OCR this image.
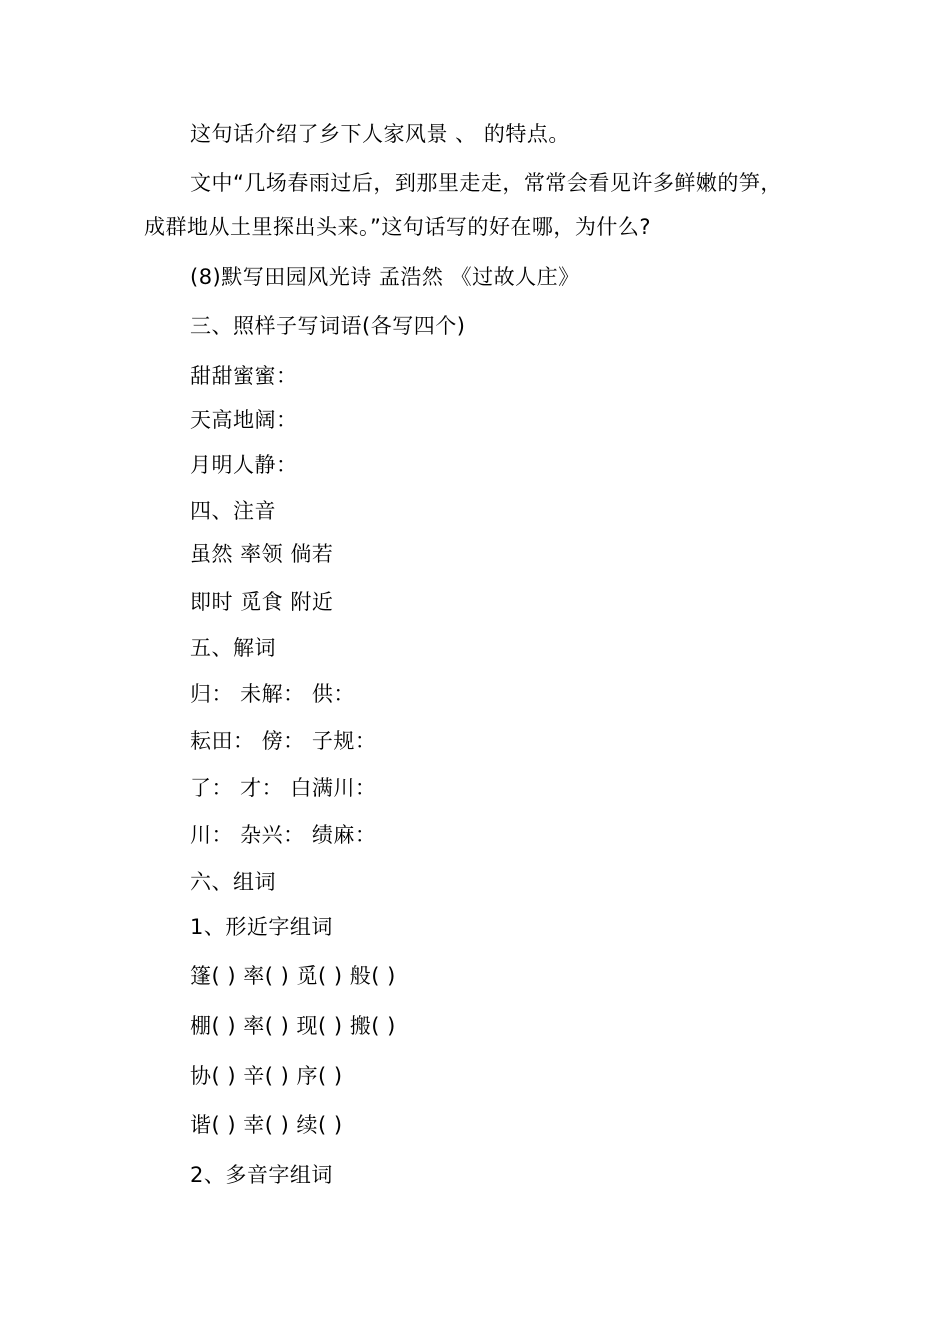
这句话介绍了乡下人家风景 、 的特点。
文中“几场春雨过后，到那里走走，常常会看见许多鲜嫩的笋，
成群地从土里探出头来。”这句话写的好在哪，为什么?
(8)默写田园风光诗 孟浩然 《过故人庄》
三、照样子写词语(各写四个)
甜甜蜜蜜：
天高地阔：
月明人静：
四、注音
虽然 率领 倘若
即时 觅食 附近
五、解词
归： 未解： 供：
耘田： 傍： 子规：
了： 才： 白满川：
川： 杂兴： 绩麻：
六、组词
1、形近字组词
篷( ) 率( ) 觅( ) 般( )
棚( ) 率( ) 现( ) 搬( )
协( ) 辛( ) 序( )
谐( ) 幸( ) 续( )
2、多音字组词
